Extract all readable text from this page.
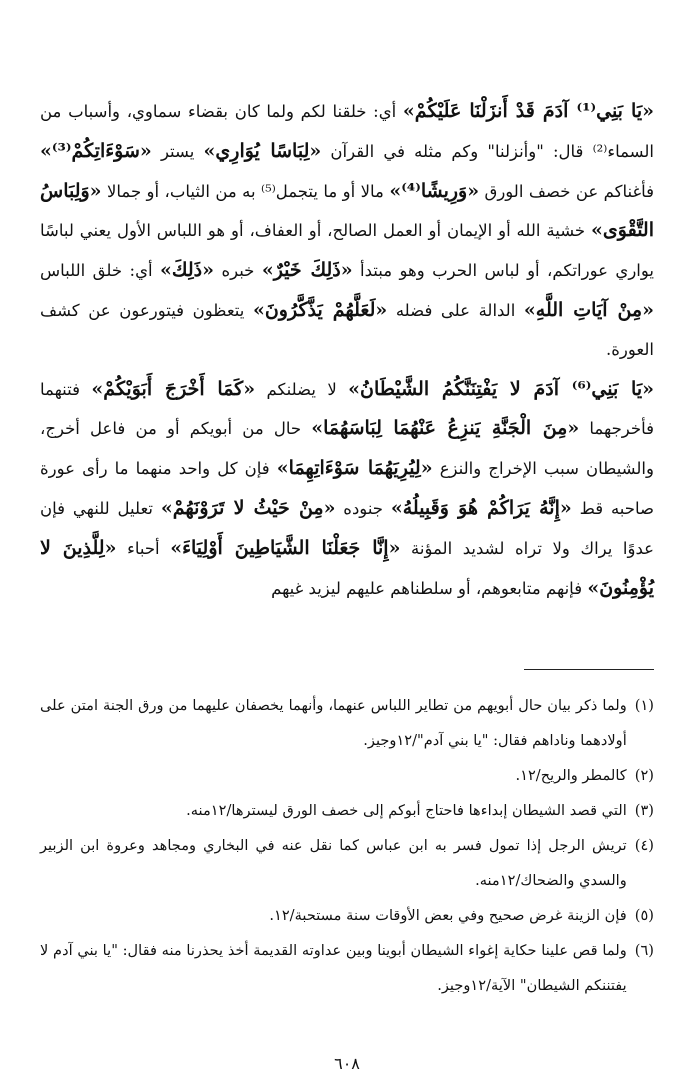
«يَا بَنِي⁽¹⁾ آدَمَ قَدْ أَنزَلْنَا عَلَيْكُمْ» أي: خلقنا لكم ولما كان بقضاء سماوي، وأسباب من السماء⁽²⁾ قال: "وأنزلنا" وكم مثله في القرآن «لِبَاسًا يُوَارِي» يستر «سَوْءَاتِكُمْ⁽³⁾» فأغناكم عن خصف الورق «وَرِيشًا⁽⁴⁾» مالا أو ما يتجمل⁽⁵⁾ به من الثياب، أو جمالا «وَلِبَاسُ التَّقْوَى» خشية الله أو الإيمان أو العمل الصالح، أو العفاف، أو هو اللباس الأول يعني لباسًا يواري عوراتكم، أو لباس الحرب وهو مبتدأ «ذَلِكَ خَيْرٌ» خبره «ذَلِكَ» أي: خلق اللباس «مِنْ آيَاتِ اللَّهِ» الدالة على فضله «لَعَلَّهُمْ يَذَّكَّرُونَ» يتعظون فيتورعون عن كشف العورة.

«يَا بَنِي⁽⁶⁾ آدَمَ لا يَفْتِنَنَّكُمُ الشَّيْطَانُ» لا يضلنكم «كَمَا أَخْرَجَ أَبَوَيْكُمْ» فتنهما فأخرجهما «مِنَ الْجَنَّةِ يَنزِعُ عَنْهُمَا لِبَاسَهُمَا» حال من أبويكم أو من فاعل أخرج، والشيطان سبب الإخراج والنزع «لِيُرِيَهُمَا سَوْءَاتِهِمَا» فإن كل واحد منهما ما رأى عورة صاحبه قط «إِنَّهُ يَرَاكُمْ هُوَ وَقَبِيلُهُ» جنوده «مِنْ حَيْثُ لا تَرَوْنَهُمْ» تعليل للنهي فإن عدوًا يراك ولا تراه لشديد المؤنة «إِنَّا جَعَلْنَا الشَّيَاطِينَ أَوْلِيَاءَ» أحباء «لِلَّذِينَ لا يُؤْمِنُونَ» فإنهم متابعوهم، أو سلطناهم عليهم ليزيد غيهم

(١)
ولما ذكر بيان حال أبويهم من تطاير اللباس عنهما، وأنهما يخصفان عليهما من ورق الجنة امتن على أولادهما وناداهم فقال: "يا بني آدم"/١٢وجيز.

(٢)
كالمطر والريح/١٢.

(٣)
التي قصد الشيطان إبداءها فاحتاج أبوكم إلى خصف الورق ليسترها/١٢منه.

(٤)
تريش الرجل إذا تمول فسر به ابن عباس كما نقل عنه في البخاري ومجاهد وعروة ابن الزبير والسدي والضحاك/١٢منه.

(٥)
فإن الزينة غرض صحيح وفي بعض الأوقات سنة مستحبة/١٢.

(٦)
ولما قص علينا حكاية إغواء الشيطان أبوينا وبين عداوته القديمة أخذ يحذرنا منه فقال: "يا بني آدم لا يفتننكم الشيطان" الآية/١٢وجيز.

٦٠٨
